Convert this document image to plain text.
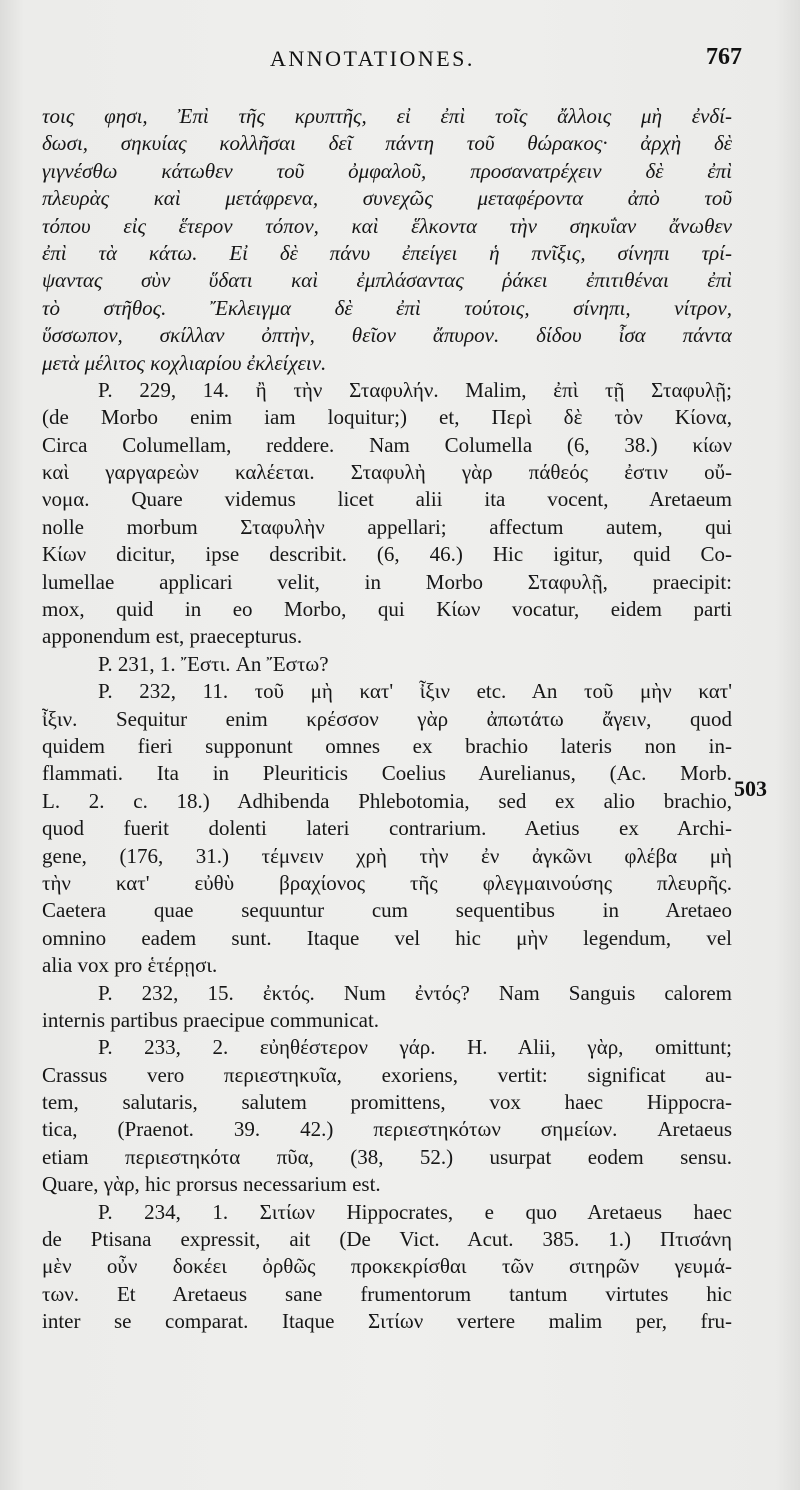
ANNOTATIONES.	767
503
τοις φησι, Ἐπὶ τῆς κρυπτῆς, εἰ ἐπὶ τοῖς ἄλλοις μὴ ἐνδί-
δωσι, σηκυίας κολλῆσαι δεῖ πάντη τοῦ θώρακος· ἀρχὴ δὲ
γιγνέσθω κάτωθεν τοῦ ὀμφαλοῦ, προσανατρέχειν δὲ ἐπὶ
πλευρὰς καὶ μετάφρενα, συνεχῶς μεταφέροντα ἀπὸ τοῦ
τόπου εἰς ἕτερον τόπον, καὶ ἕλκοντα τὴν σηκυΐαν ἄνωθεν
ἐπὶ τὰ κάτω. Εἰ δὲ πάνυ ἐπείγει ἡ πνῖξις, σίνηπι τρί-
ψαντας σὺν ὕδατι καὶ ἐμπλάσαντας ῥάκει ἐπιτιθέναι ἐπὶ
τὸ στῆθος. Ἔκλειγμα δὲ ἐπὶ τούτοις, σίνηπι, νίτρον,
ὕσσωπον, σκίλλαν ὀπτὴν, θεῖον ἄπυρον. δίδου ἶσα πάντα
μετὰ μέλιτος κοχλιαρίου ἐκλείχειν.
P. 229, 14. ἢ τὴν Σταφυλήν. Malim, ἐπὶ τῇ Σταφυλῇ;
(de Morbo enim iam loquitur;) et, Περὶ δὲ τὸν Κίονα,
Circa Columellam, reddere. Nam Columella (6, 38.) κίων
καὶ γαργαρεὼν καλέεται. Σταφυλὴ γὰρ πάθεός ἐστιν οὔ-
νομα. Quare videmus licet alii ita vocent, Aretaeum
nolle morbum Σταφυλὴν appellari; affectum autem, qui
Κίων dicitur, ipse describit. (6, 46.) Hic igitur, quid Co-
lumellae applicari velit, in Morbo Σταφυλῇ, praecipit:
mox, quid in eo Morbo, qui Κίων vocatur, eidem parti
apponendum est, praecepturus.
P. 231, 1. Ἔστι. An Ἔστω?
P. 232, 11. τοῦ μὴ κατ' ἶξιν etc. An τοῦ μὴν κατ'
ἶξιν. Sequitur enim κρέσσον γὰρ ἀπωτάτω ἄγειν, quod
quidem fieri supponunt omnes ex brachio lateris non in-
flammati. Ita in Pleuriticis Coelius Aurelianus, (Ac. Morb.
L. 2. c. 18.) Adhibenda Phlebotomia, sed ex alio brachio,
quod fuerit dolenti lateri contrarium. Aetius ex Archi-
gene, (176, 31.) τέμνειν χρὴ τὴν ἐν ἀγκῶνι φλέβα μὴ
τὴν κατ' εὐθὺ βραχίονος τῆς φλεγμαινούσης πλευρῆς.
Caetera quae sequuntur cum sequentibus in Aretaeo
omnino eadem sunt. Itaque vel hic μὴν legendum, vel
alia vox pro ἑτέρῃσι.
P. 232, 15. ἐκτός. Num ἐντός? Nam Sanguis calorem
internis partibus praecipue communicat.
P. 233, 2. εὐηθέστερον γάρ. H. Alii, γὰρ, omittunt;
Crassus vero περιεστηκυῖα, exoriens, vertit: significat au-
tem, salutaris, salutem promittens, vox haec Hippocra-
tica, (Praenot. 39. 42.) περιεστηκότων σημείων. Aretaeus
etiam περιεστηκότα πῦα, (38, 52.) usurpat eodem sensu.
Quare, γὰρ, hic prorsus necessarium est.
P. 234, 1. Σιτίων Hippocrates, e quo Aretaeus haec
de Ptisana expressit, ait (De Vict. Acut. 385. 1.) Πτισάνη
μὲν οὖν δοκέει ὀρθῶς προκεκρίσθαι τῶν σιτηρῶν γευμά-
των. Et Aretaeus sane frumentorum tantum virtutes hic
inter se comparat. Itaque Σιτίων vertere malim per, fru-
